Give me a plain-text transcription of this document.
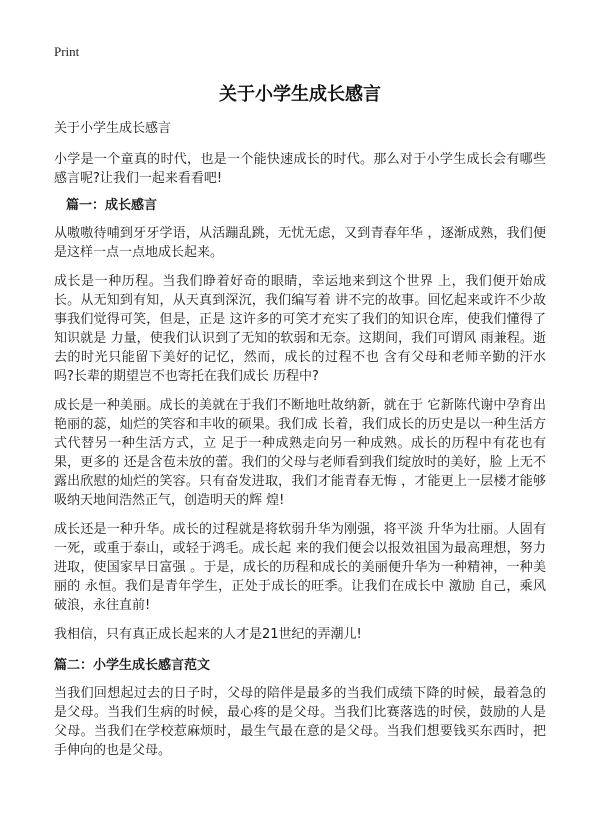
Print
关于小学生成长感言

关于小学生成长感言

小学是一个童真的时代，也是一个能快速成长的时代。那么对于小学生成长会有哪些感言呢?让我们一起来看看吧!

篇一：成长感言

从嗷嗷待哺到牙牙学语，从活蹦乱跳，无忧无虑，又到青春年华 ，逐渐成熟，我们便是这样一点一点地成长起来。

成长是一种历程。当我们睁着好奇的眼睛，幸运地来到这个世界 上，我们便开始成长。从无知到有知，从天真到深沉，我们编写着 讲不完的故事。回忆起来或许不少故事我们觉得可笑，但是，正是 这许多的可笑才充实了我们的知识仓库，使我们懂得了知识就是 力量，使我们认识到了无知的软弱和无奈。这期间，我们可谓风 雨兼程。逝去的时光只能留下美好的记忆，然而，成长的过程不也 含有父母和老师辛勤的汗水吗?长辈的期望岂不也寄托在我们成长 历程中?

成长是一种美丽。成长的美就在于我们不断地吐故纳新，就在于 它新陈代谢中孕育出艳丽的蕊，灿烂的笑容和丰收的硕果。我们成 长着，我们成长的历史是以一种生活方式代替另一种生活方式，立 足于一种成熟走向另一种成熟。成长的历程中有花也有果，更多的 还是含苞未放的蕾。我们的父母与老师看到我们绽放时的美好，脸 上无不露出欣慰的灿烂的笑容。只有奋发进取，我们才能青春无悔 ，才能更上一层楼才能够吸纳天地间浩然正气，创造明天的辉 煌!

成长还是一种升华。成长的过程就是将软弱升华为刚强，将平淡 升华为壮丽。人固有一死，或重于泰山，或轻于鸿毛。成长起 来的我们便会以报效祖国为最高理想，努力进取，使国家早日富强 。于是，成长的历程和成长的美丽便升华为一种精神，一种美丽的 永恒。我们是青年学生，正处于成长的旺季。让我们在成长中 激励 自己，乘风破浪，永往直前!

我相信，只有真正成长起来的人才是21世纪的弄潮儿!

篇二：小学生成长感言范文

当我们回想起过去的日子时，父母的陪伴是最多的当我们成绩下降的时候，最着急的是父母。当我们生病的时候，最心疼的是父母。当我们比赛落选的时侯，鼓励的人是父母。当我们在学校惹麻烦时，最生气最在意的是父母。当我们想要钱买东西时，把手伸向的也是父母。
